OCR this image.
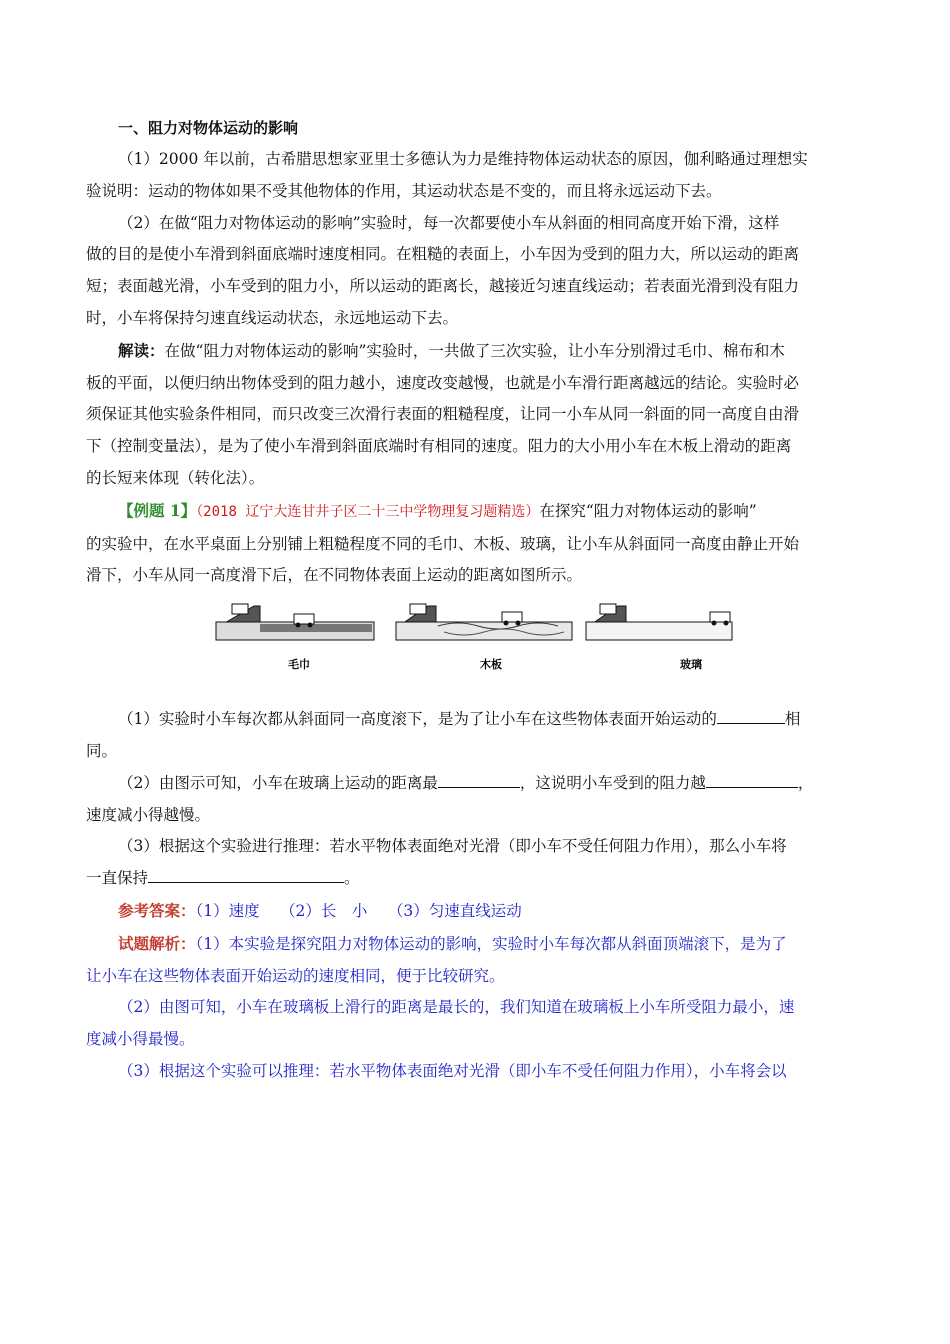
一、阻力对物体运动的影响
（1）2000 年以前，古希腊思想家亚里士多德认为力是维持物体运动状态的原因，伽利略通过理想实
验说明：运动的物体如果不受其他物体的作用，其运动状态是不变的，而且将永远运动下去。
（2）在做“阻力对物体运动的影响”实验时，每一次都要使小车从斜面的相同高度开始下滑，这样
做的目的是使小车滑到斜面底端时速度相同。在粗糙的表面上，小车因为受到的阻力大，所以运动的距离
短；表面越光滑，小车受到的阻力小，所以运动的距离长，越接近匀速直线运动；若表面光滑到没有阻力
时，小车将保持匀速直线运动状态，永远地运动下去。
解读：在做“阻力对物体运动的影响”实验时，一共做了三次实验，让小车分别滑过毛巾、棉布和木
板的平面，以便归纳出物体受到的阻力越小，速度改变越慢，也就是小车滑行距离越远的结论。实验时必
须保证其他实验条件相同，而只改变三次滑行表面的粗糙程度，让同一小车从同一斜面的同一高度自由滑
下（控制变量法），是为了使小车滑到斜面底端时有相同的速度。阻力的大小用小车在木板上滑动的距离
的长短来体现（转化法）。
【例题 1】（2018 辽宁大连甘井子区二十三中学物理复习题精选）在探究“阻力对物体运动的影响”
的实验中，在水平桌面上分别铺上粗糙程度不同的毛巾、木板、玻璃，让小车从斜面同一高度由静止开始
滑下，小车从同一高度滑下后，在不同物体表面上运动的距离如图所示。
毛巾	木板	玻璃
（1）实验时小车每次都从斜面同一高度滚下，是为了让小车在这些物体表面开始运动的	相
同。
（2）由图示可知，小车在玻璃上运动的距离最	，这说明小车受到的阻力越	，
速度减小得越慢。
（3）根据这个实验进行推理：若水平物体表面绝对光滑（即小车不受任何阻力作用），那么小车将
一直保持	。
参考答案：（1）速度　 （2）长　小　 （3）匀速直线运动
试题解析：（1）本实验是探究阻力对物体运动的影响，实验时小车每次都从斜面顶端滚下，是为了
让小车在这些物体表面开始运动的速度相同，便于比较研究。
（2）由图可知，小车在玻璃板上滑行的距离是最长的，我们知道在玻璃板上小车所受阻力最小，速
度减小得最慢。
（3）根据这个实验可以推理：若水平物体表面绝对光滑（即小车不受任何阻力作用），小车将会以
